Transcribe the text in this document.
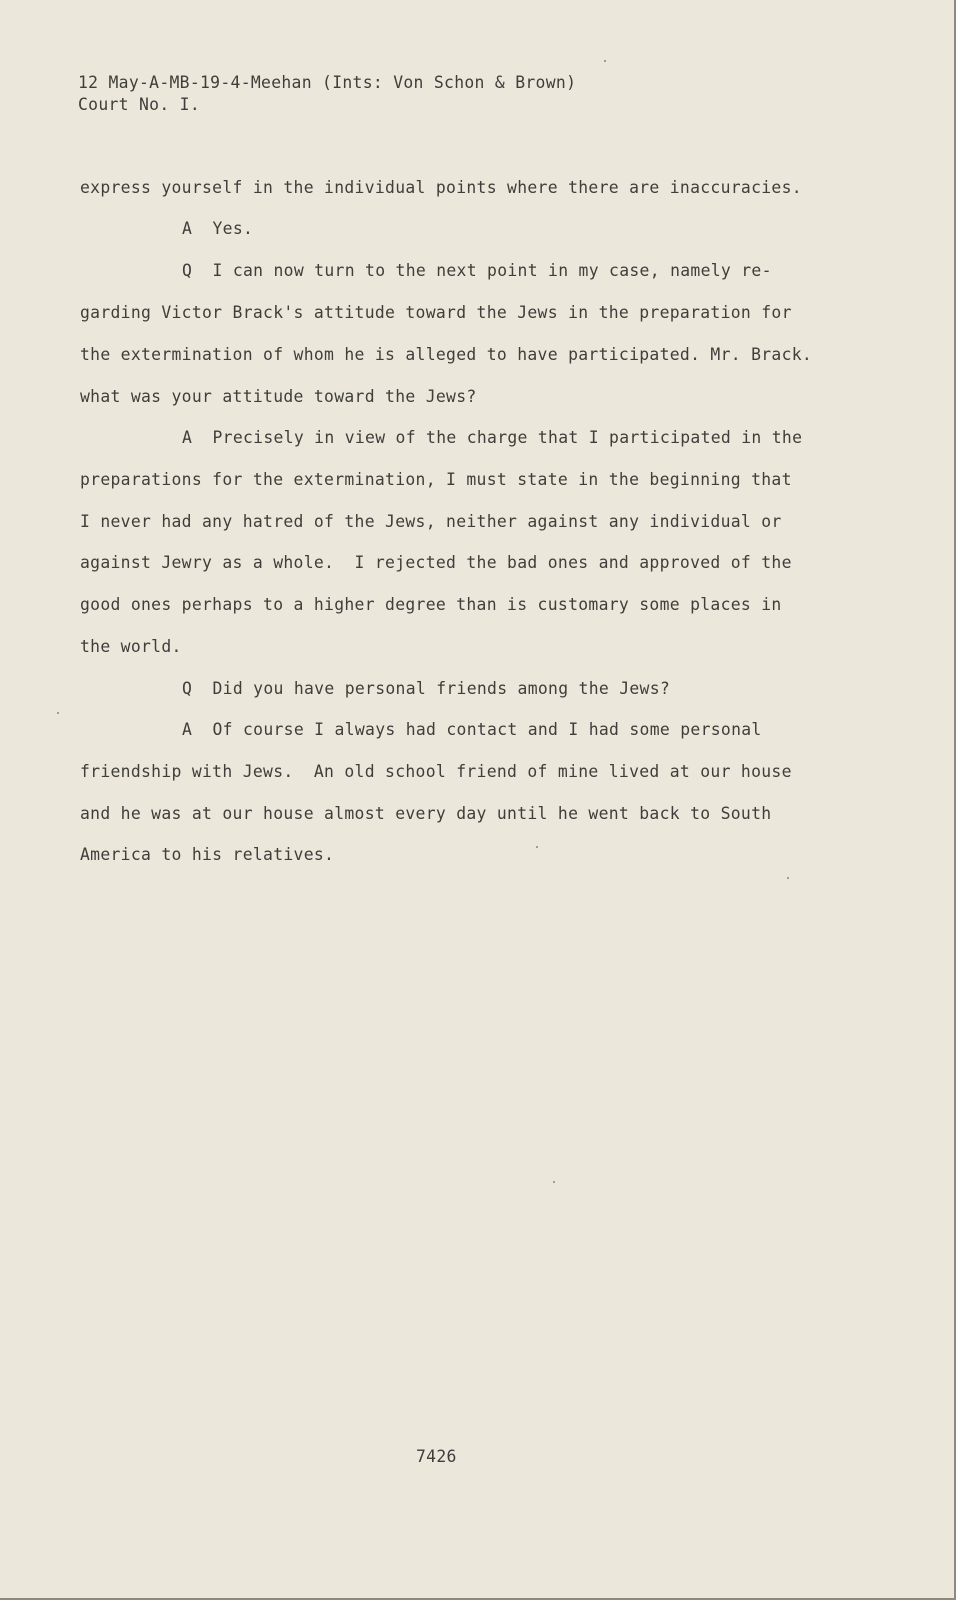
12 May-A-MB-19-4-Meehan (Ints: Von Schon & Brown)
Court No. I.
express yourself in the individual points where there are inaccuracies.
A  Yes.
Q  I can now turn to the next point in my case, namely re-
garding Victor Brack's attitude toward the Jews in the preparation for
the extermination of whom he is alleged to have participated. Mr. Brack.
what was your attitude toward the Jews?
A  Precisely in view of the charge that I participated in the
preparations for the extermination, I must state in the beginning that
I never had any hatred of the Jews, neither against any individual or
against Jewry as a whole.  I rejected the bad ones and approved of the
good ones perhaps to a higher degree than is customary some places in
the world.
Q  Did you have personal friends among the Jews?
A  Of course I always had contact and I had some personal
friendship with Jews.  An old school friend of mine lived at our house
and he was at our house almost every day until he went back to South
America to his relatives.
7426
